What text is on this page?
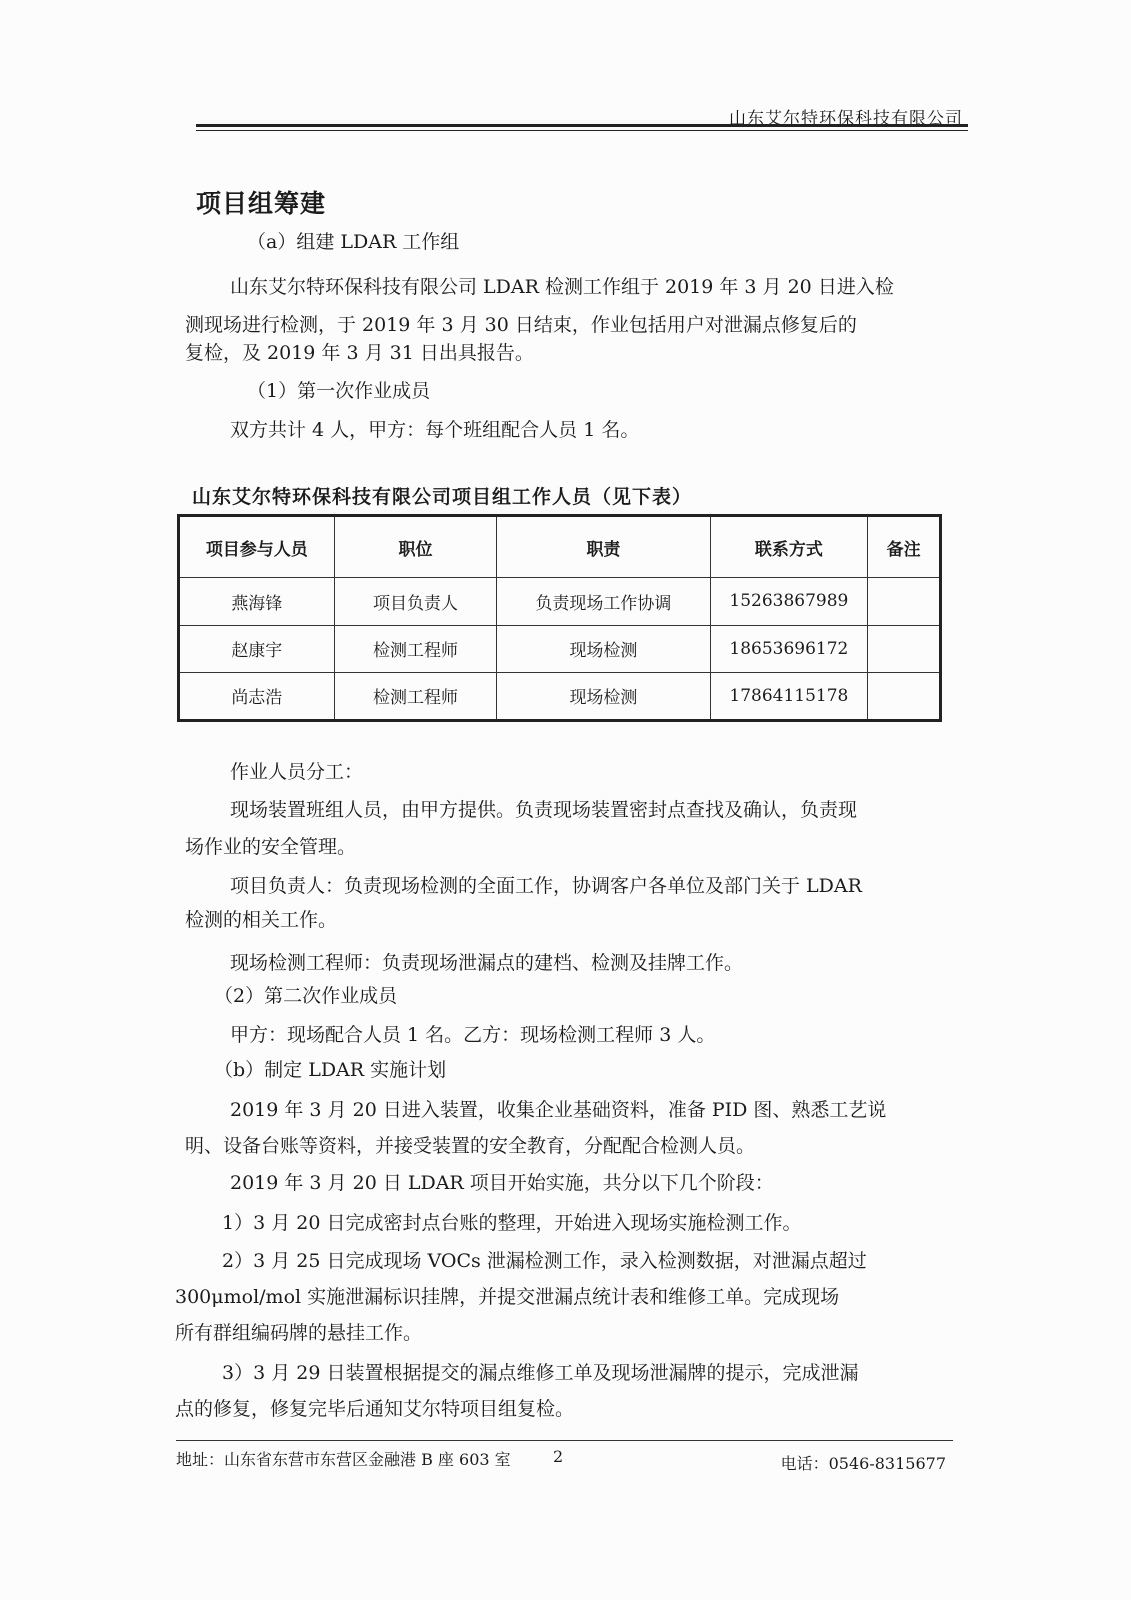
山东艾尔特环保科技有限公司
项目组筹建
（a）组建 LDAR 工作组
山东艾尔特环保科技有限公司 LDAR 检测工作组于 2019 年 3 月 20 日进入检
测现场进行检测，于 2019 年 3 月 30 日结束，作业包括用户对泄漏点修复后的
复检，及 2019 年 3 月 31 日出具报告。
（1）第一次作业成员
双方共计 4 人，甲方：每个班组配合人员 1 名。
山东艾尔特环保科技有限公司项目组工作人员（见下表）
项目参与人员	职位	职责	联系方式	备注
燕海锋	项目负责人	负责现场工作协调	15263867989	
赵康宇	检测工程师	现场检测	18653696172	
尚志浩	检测工程师	现场检测	17864115178	
作业人员分工：
现场装置班组人员，由甲方提供。负责现场装置密封点查找及确认，负责现
场作业的安全管理。
项目负责人：负责现场检测的全面工作，协调客户各单位及部门关于 LDAR
检测的相关工作。
现场检测工程师：负责现场泄漏点的建档、检测及挂牌工作。
（2）第二次作业成员
甲方：现场配合人员 1 名。乙方：现场检测工程师 3 人。
（b）制定 LDAR 实施计划
2019 年 3 月 20 日进入装置，收集企业基础资料，准备 PID 图、熟悉工艺说
明、设备台账等资料，并接受装置的安全教育，分配配合检测人员。
2019 年 3 月 20 日 LDAR 项目开始实施，共分以下几个阶段：
1）3 月 20 日完成密封点台账的整理，开始进入现场实施检测工作。
2）3 月 25 日完成现场 VOCs 泄漏检测工作，录入检测数据，对泄漏点超过
300μmol/mol 实施泄漏标识挂牌，并提交泄漏点统计表和维修工单。完成现场
所有群组编码牌的悬挂工作。
3）3 月 29 日装置根据提交的漏点维修工单及现场泄漏牌的提示，完成泄漏
点的修复，修复完毕后通知艾尔特项目组复检。
地址：山东省东营市东营区金融港 B 座 603 室	2	电话：0546-8315677
